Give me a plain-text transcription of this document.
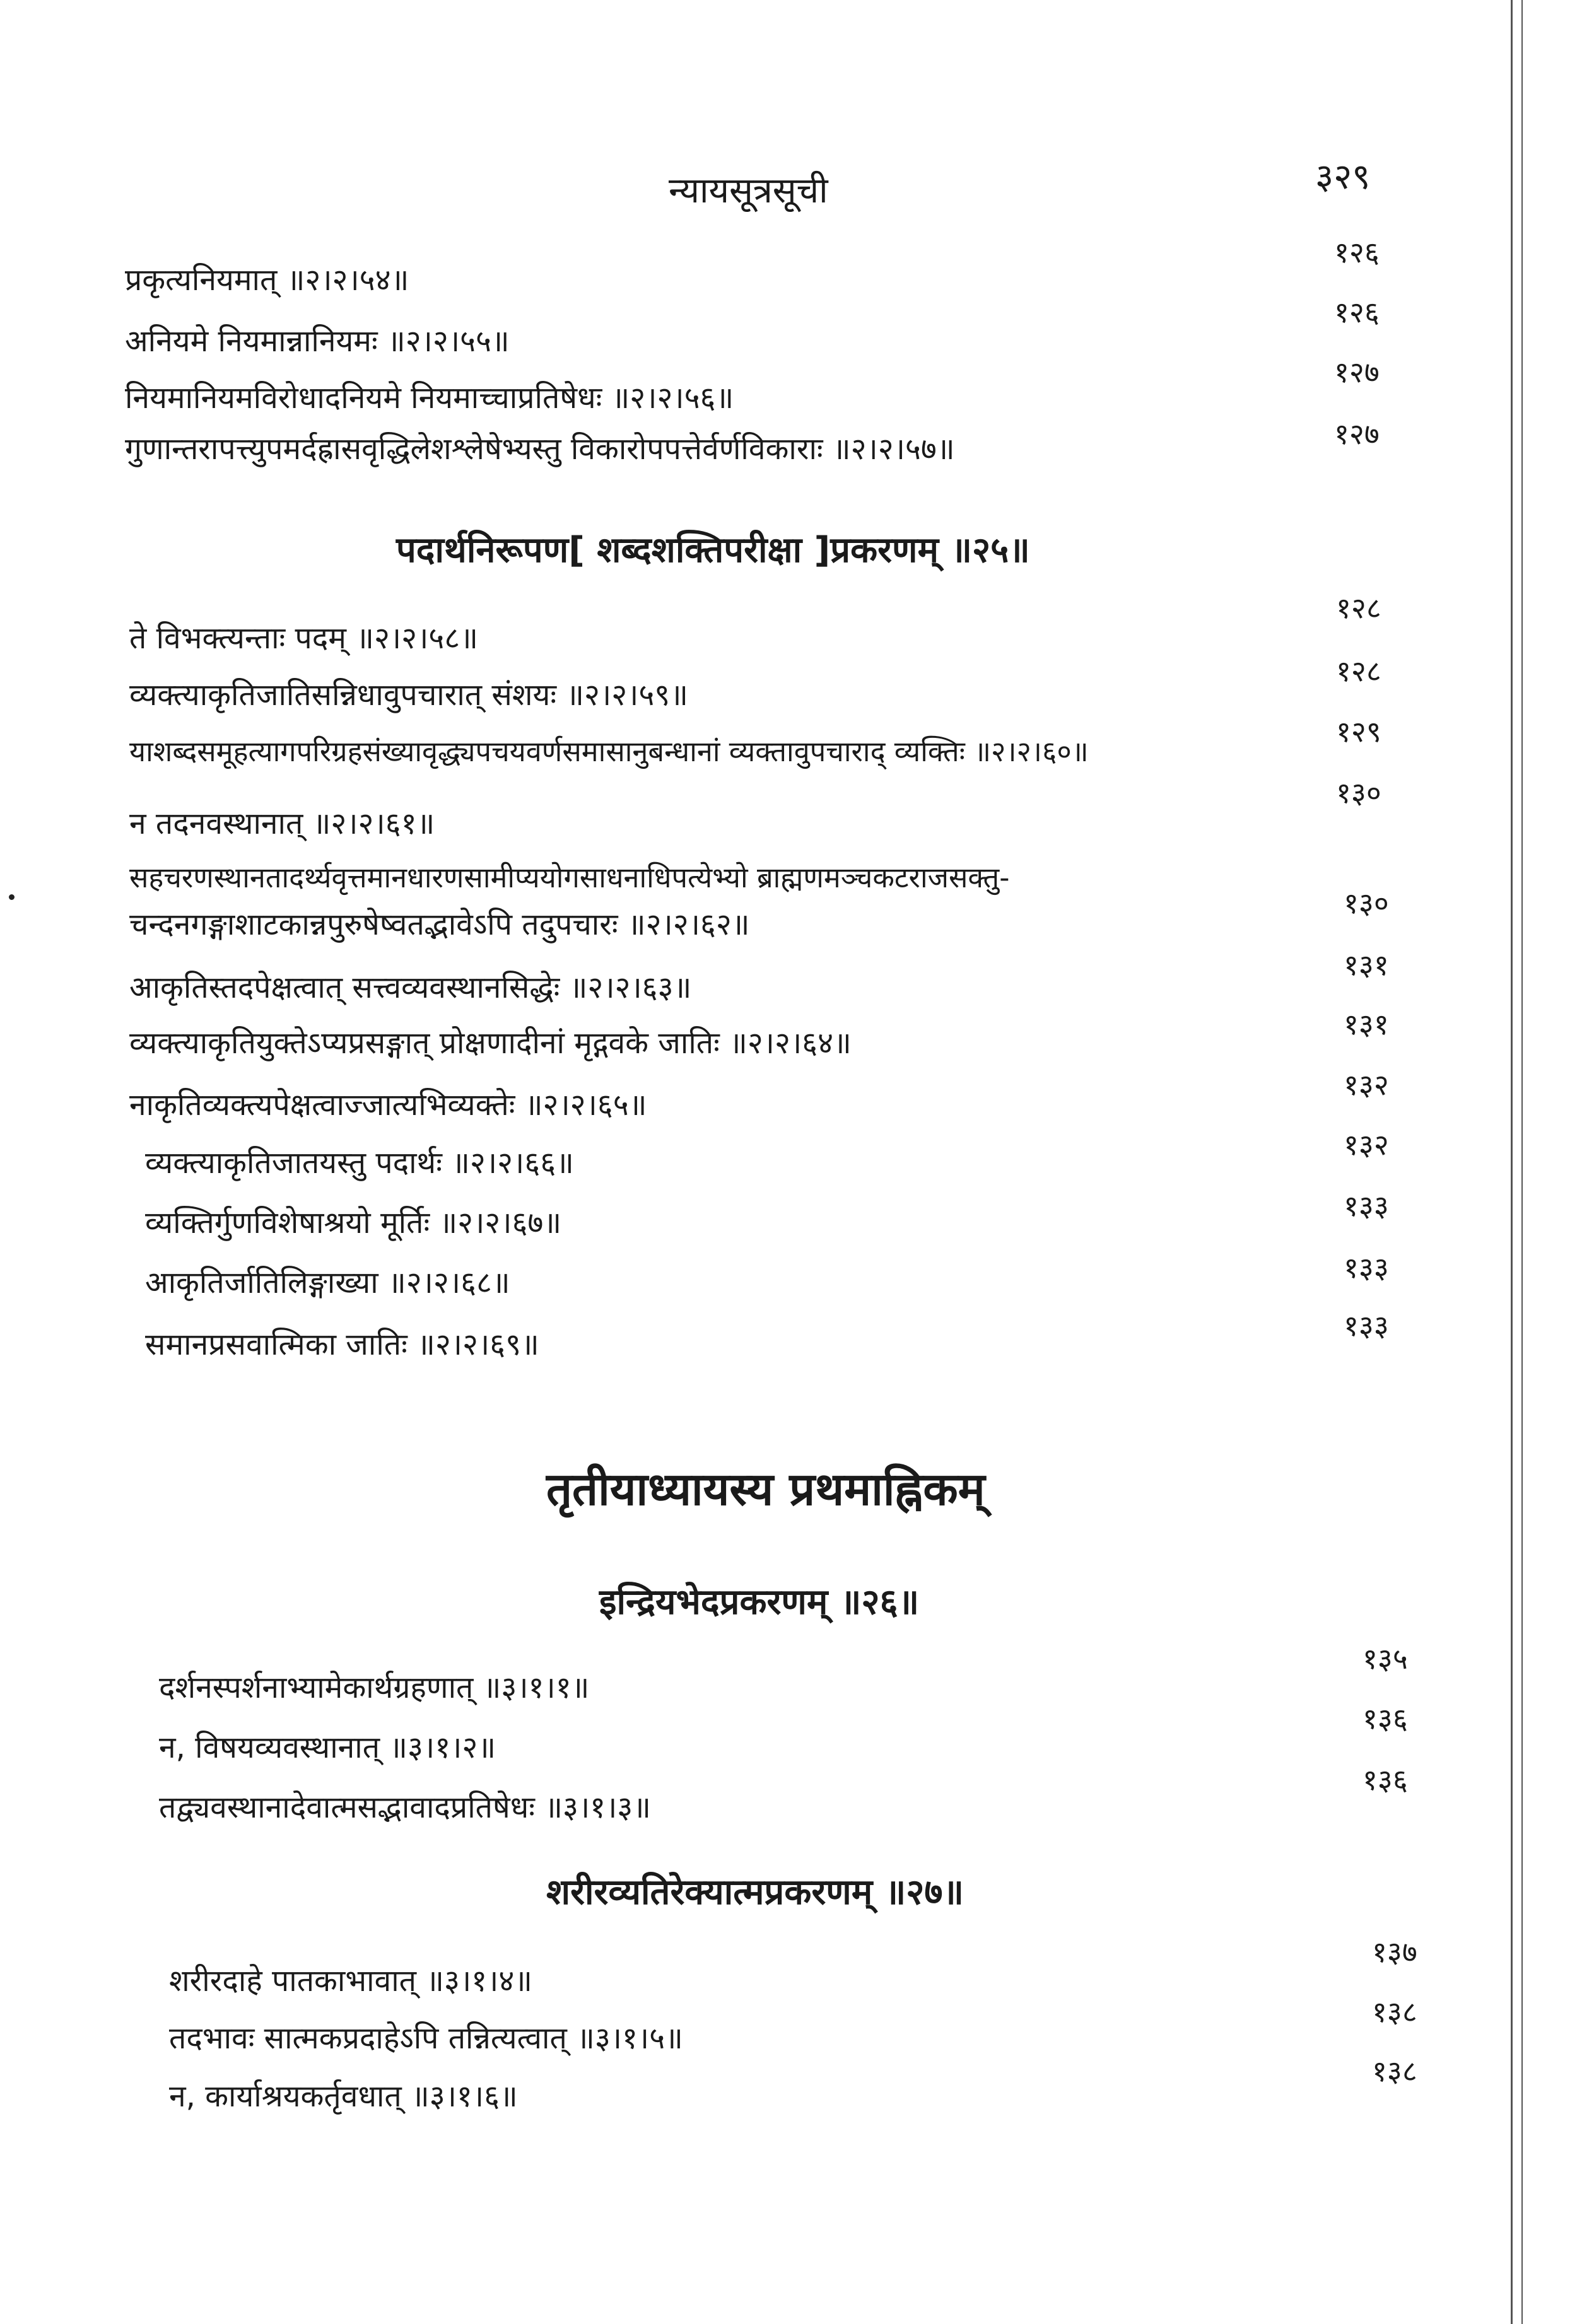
न्यायसूत्रसूची	३२९
१२६
प्रकृत्यनियमात् ॥२।२।५४॥
१२६
अनियमे नियमान्नानियमः ॥२।२।५५॥
१२७
नियमानियमविरोधादनियमे नियमाच्चाप्रतिषेधः ॥२।२।५६॥
१२७
गुणान्तरापत्त्युपमर्दह्रासवृद्धिलेशश्लेषेभ्यस्तु विकारोपपत्तेर्वर्णविकाराः ॥२।२।५७॥
पदार्थनिरूपण[ शब्दशक्तिपरीक्षा ]प्रकरणम् ॥२५॥
१२८
ते विभक्त्यन्ताः पदम् ॥२।२।५८॥
१२८
व्यक्त्याकृतिजातिसन्निधावुपचारात् संशयः ॥२।२।५९॥
१२९
याशब्दसमूहत्यागपरिग्रहसंख्यावृद्ध्यपचयवर्णसमासानुबन्धानां व्यक्तावुपचाराद् व्यक्तिः ॥२।२।६०॥
१३०
न तदनवस्थानात् ॥२।२।६१॥
सहचरणस्थानतादर्थ्यवृत्तमानधारणसामीप्ययोगसाधनाधिपत्येभ्यो ब्राह्मणमञ्चकटराजसक्तु-
१३०
चन्दनगङ्गाशाटकान्नपुरुषेष्वतद्भावेऽपि तदुपचारः ॥२।२।६२॥
१३१
आकृतिस्तदपेक्षत्वात् सत्त्वव्यवस्थानसिद्धेः ॥२।२।६३॥
१३१
व्यक्त्याकृतियुक्तेऽप्यप्रसङ्गात् प्रोक्षणादीनां मृद्गवके जातिः ॥२।२।६४॥
१३२
नाकृतिव्यक्त्यपेक्षत्वाज्जात्यभिव्यक्तेः ॥२।२।६५॥
१३२
व्यक्त्याकृतिजातयस्तु पदार्थः ॥२।२।६६॥
१३३
व्यक्तिर्गुणविशेषाश्रयो मूर्तिः ॥२।२।६७॥
१३३
आकृतिर्जातिलिङ्गाख्या ॥२।२।६८॥
१३३
समानप्रसवात्मिका जातिः ॥२।२।६९॥
तृतीयाध्यायस्य प्रथमाह्निकम्
इन्द्रियभेदप्रकरणम् ॥२६॥
१३५
दर्शनस्पर्शनाभ्यामेकार्थग्रहणात् ॥३।१।१॥
१३६
न, विषयव्यवस्थानात् ॥३।१।२॥
१३६
तद्व्यवस्थानादेवात्मसद्भावादप्रतिषेधः ॥३।१।३॥
शरीरव्यतिरेक्यात्मप्रकरणम् ॥२७॥
१३७
शरीरदाहे पातकाभावात् ॥३।१।४॥
१३८
तदभावः सात्मकप्रदाहेऽपि तन्नित्यत्वात् ॥३।१।५॥
१३८
न, कार्याश्रयकर्तृवधात् ॥३।१।६॥
